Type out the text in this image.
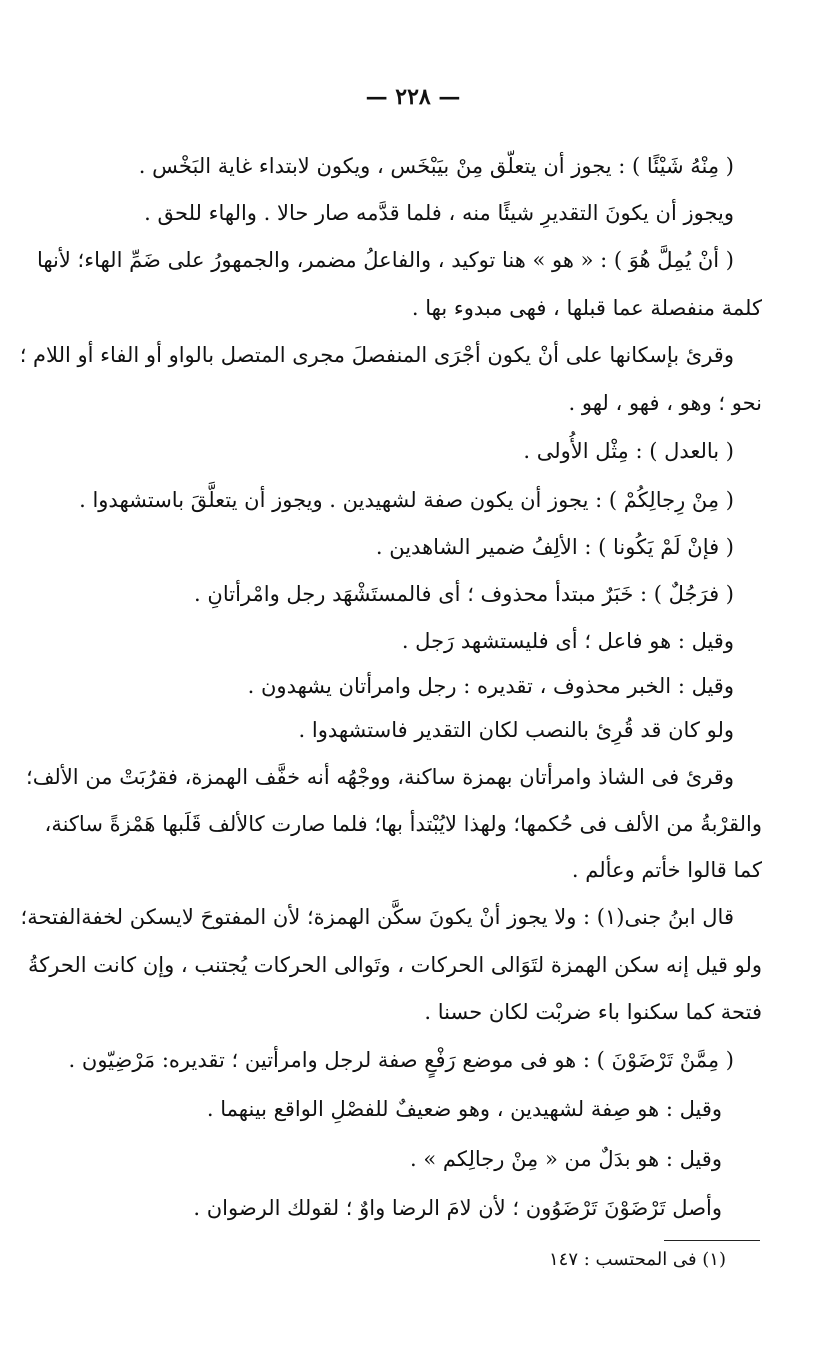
— ٢٢٨ —
( مِنْهُ شَيْئًا ) : يجوز أن يتعلّق مِنْ بيَبْخَس ، ويكون لابتداء غاية البَخْس .
ويجوز أن يكونَ التقديرِ شيئًا منه ، فلما قدَّمه صار حالا . والهاء للحق .
( أنْ يُمِلَّ هُوَ ) : « هو » هنا توكيد ، والفاعلُ مضمر، والجمهورُ على ضَمِّ الهاء؛ لأنها
كلمة منفصلة عما قبلها ، فهى مبدوء بها .
وقرئ بإسكانها على أنْ يكون أجْرَى المنفصلَ مجرى المتصل بالواو أو الفاء أو اللام ؛
نحو ؛ وهو ، فهو ، لهو .
( بالعدل ) : مِثْل الأُولى .
( مِنْ رِجالِكُمْ ) : يجوز أن يكون صفة لشهيدين . ويجوز أن يتعلَّقَ باستشهدوا .
( فإنْ لَمْ يَكُونا ) : الألِفُ ضمير الشاهدين .
( فرَجُلٌ ) : خَبَرٌ مبتدأ محذوف ؛ أى فالمستَشْهَد رجل وامْرأتانِ .
وقيل : هو فاعل ؛ أى فليستشهد رَجل .
وقيل : الخبر محذوف ، تقديره : رجل وامرأتان يشهدون .
ولو كان قد قُرِئ بالنصب لكان التقدير فاستشهدوا .
وقرئ فى الشاذ وامرأتان بهمزة ساكنة، ووجْهُه أنه خفَّف الهمزة، فقرُبَتْ من الألف؛
والقرْبةُ من الألف فى حُكمها؛ ولهذا لايُبْتدأ بها؛ فلما صارت كالألف قَلَبها هَمْزةً ساكنة،
كما قالوا خأتم وعألم .
قال ابنُ جنى(١) : ولا يجوز أنْ يكونَ سكَّن الهمزة؛ لأن المفتوحَ لايسكن لخفةالفتحة؛
ولو قيل إنه سكن الهمزة لتَوَالى الحركات ، وتَوالى الحركات يُجتنب ، وإن كانت الحركةُ
فتحة كما سكنوا باء ضربْت لكان حسنا .
( مِمَّنْ تَرْضَوْنَ ) : هو فى موضع رَفْعٍ صفة لرجل وامرأتين ؛ تقديره: مَرْضِيّون .
وقيل : هو صِفة لشهيدين ، وهو ضعيفٌ للفصْلِ الواقع بينهما .
وقيل : هو بدَلٌ من « مِنْ رجالِكم » .
وأصل تَرْضَوْنَ تَرْضَوُون ؛ لأن لامَ الرضا واوٌ ؛ لقولك الرضوان .
(١) فى المحتسب : ١٤٧
